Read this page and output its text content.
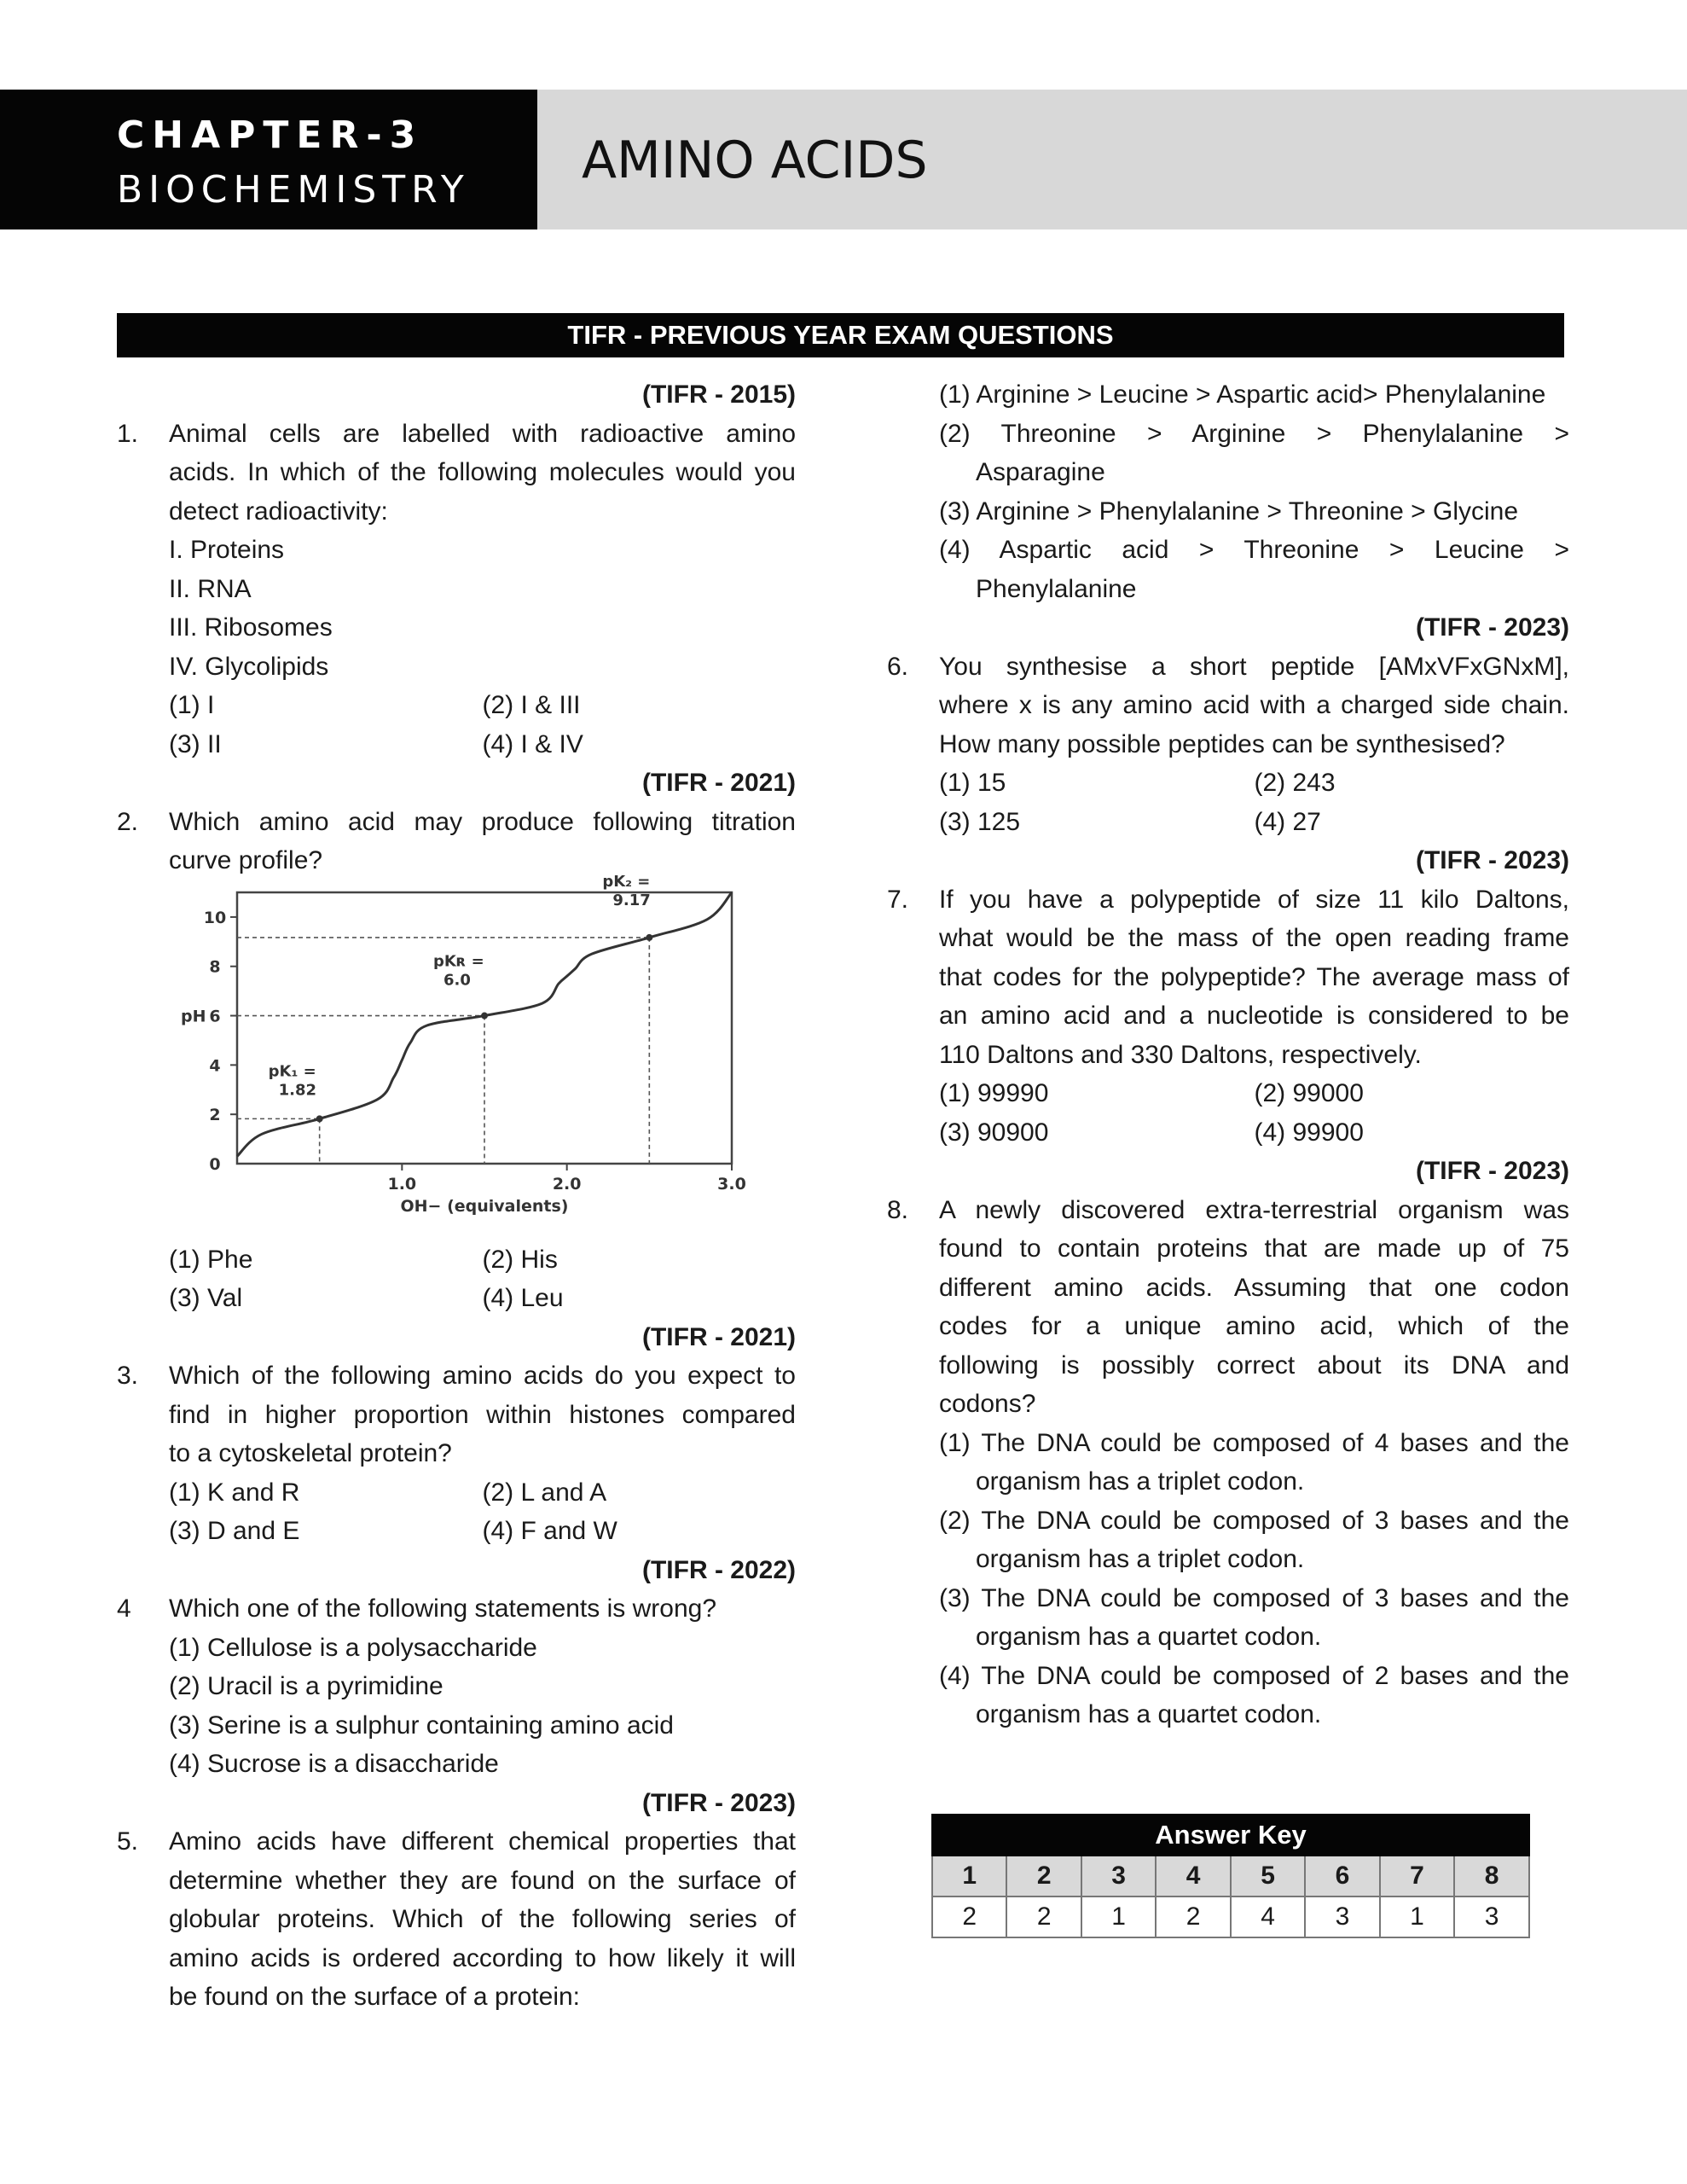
CHAPTER-3
BIOCHEMISTRY AMINO ACIDS
TIFR - PREVIOUS YEAR EXAM QUESTIONS
(TIFR - 2015)
1. Animal cells are labelled with radioactive amino
acids. In which of the following molecules would you
detect radioactivity:
I. Proteins
II. RNA
III. Ribosomes
IV. Glycolipids
(1) I	(2) I & III
(3) II	(4) I & IV
(TIFR - 2021)
2. Which amino acid may produce following titration
curve profile?
0
2
4
6
8
10
1.0	2.0	3.0
pH
OH− (equivalents)
pK₁ =
1.82
pKʀ =
6.0
pK₂ =
9.17
(1) Phe	(2) His
(3) Val	(4) Leu
(TIFR - 2021)
3. Which of the following amino acids do you expect to
find in higher proportion within histones compared
to a cytoskeletal protein?
(1) K and R	(2) L and A
(3) D and E	(4) F and W
(TIFR - 2022)
4 Which one of the following statements is wrong?
(1) Cellulose is a polysaccharide
(2) Uracil is a pyrimidine
(3) Serine is a sulphur containing amino acid
(4) Sucrose is a disaccharide
(TIFR - 2023)
5. Amino acids have different chemical properties that
determine whether they are found on the surface of
globular proteins. Which of the following series of
amino acids is ordered according to how likely it will
be found on the surface of a protein:
(1) Arginine > Leucine > Aspartic acid> Phenylalanine
(2) Threonine > Arginine > Phenylalanine >
Asparagine
(3) Arginine > Phenylalanine > Threonine > Glycine
(4) Aspartic acid > Threonine > Leucine >
Phenylalanine
(TIFR - 2023)
6. You synthesise a short peptide [AMxVFxGNxM],
where x is any amino acid with a charged side chain.
How many possible peptides can be synthesised?
(1) 15	(2) 243
(3) 125	(4) 27
(TIFR - 2023)
7. If you have a polypeptide of size 11 kilo Daltons,
what would be the mass of the open reading frame
that codes for the polypeptide? The average mass of
an amino acid and a nucleotide is considered to be
110 Daltons and 330 Daltons, respectively.
(1) 99990	(2) 99000
(3) 90900	(4) 99900
(TIFR - 2023)
8. A newly discovered extra-terrestrial organism was
found to contain proteins that are made up of 75
different amino acids. Assuming that one codon
codes for a unique amino acid, which of the
following is possibly correct about its DNA and
codons?
(1) The DNA could be composed of 4 bases and the
organism has a triplet codon.
(2) The DNA could be composed of 3 bases and the
organism has a triplet codon.
(3) The DNA could be composed of 3 bases and the
organism has a quartet codon.
(4) The DNA could be composed of 2 bases and the
organism has a quartet codon.
Answer Key							
1	2	3	4	5	6	7	8
2	2	1	2	4	3	1	3
